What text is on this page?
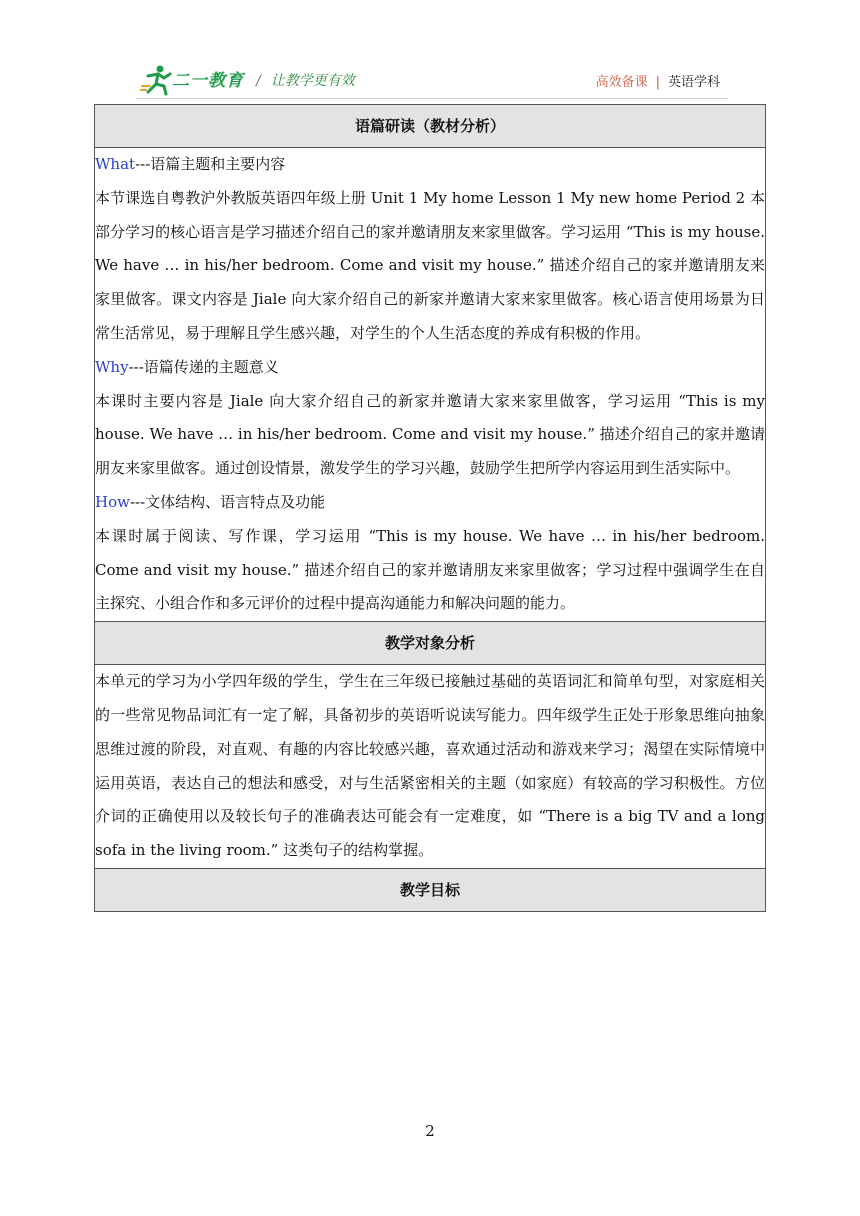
二一教育 / 让教学更有效	高效备课 | 英语学科
语篇研读（教材分析）

What---语篇主题和主要内容

本节课选自粤教沪外教版英语四年级上册 Unit 1 My home Lesson 1 My new home Period 2 本部分学习的核心语言是学习描述介绍自己的家并邀请朋友来家里做客。学习运用 “This is my house. We have … in his/her bedroom. Come and visit my house.” 描述介绍自己的家并邀请朋友来家里做客。课文内容是 Jiale 向大家介绍自己的新家并邀请大家来家里做客。核心语言使用场景为日常生活常见，易于理解且学生感兴趣，对学生的个人生活态度的养成有积极的作用。

Why---语篇传递的主题意义

本课时主要内容是 Jiale 向大家介绍自己的新家并邀请大家来家里做客，学习运用 “This is my house. We have … in his/her bedroom. Come and visit my house.” 描述介绍自己的家并邀请朋友来家里做客。通过创设情景，激发学生的学习兴趣，鼓励学生把所学内容运用到生活实际中。

How---文体结构、语言特点及功能

本课时属于阅读、写作课，学习运用 “This is my house. We have … in his/her bedroom. Come and visit my house.” 描述介绍自己的家并邀请朋友来家里做客；学习过程中强调学生在自主探究、小组合作和多元评价的过程中提高沟通能力和解决问题的能力。

教学对象分析

本单元的学习为小学四年级的学生，学生在三年级已接触过基础的英语词汇和简单句型，对家庭相关的一些常见物品词汇有一定了解，具备初步的英语听说读写能力。四年级学生正处于形象思维向抽象思维过渡的阶段，对直观、有趣的内容比较感兴趣，喜欢通过活动和游戏来学习；渴望在实际情境中运用英语，表达自己的想法和感受，对与生活紧密相关的主题（如家庭）有较高的学习积极性。方位介词的正确使用以及较长句子的准确表达可能会有一定难度，如 “There is a big TV and a long sofa in the living room.” 这类句子的结构掌握。

教学目标
2
